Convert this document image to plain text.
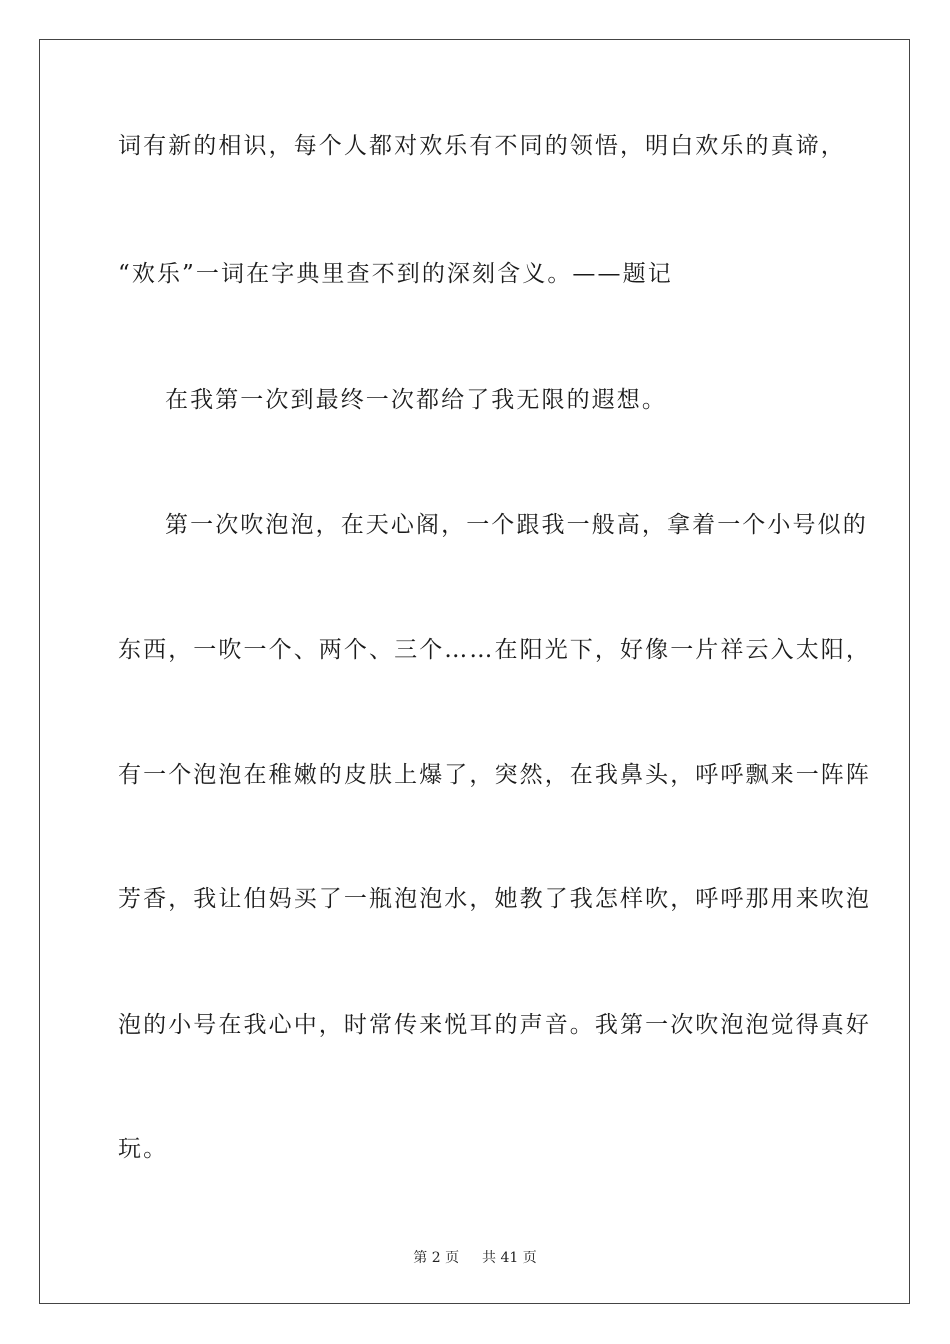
词有新的相识，每个人都对欢乐有不同的领悟，明白欢乐的真谛，
“欢乐”一词在字典里查不到的深刻含义。——题记
在我第一次到最终一次都给了我无限的遐想。
第一次吹泡泡，在天心阁，一个跟我一般高，拿着一个小号似的
东西，一吹一个、两个、三个……在阳光下，好像一片祥云入太阳，
有一个泡泡在稚嫩的皮肤上爆了，突然，在我鼻头，呼呼飘来一阵阵
芳香，我让伯妈买了一瓶泡泡水，她教了我怎样吹，呼呼那用来吹泡
泡的小号在我心中，时常传来悦耳的声音。我第一次吹泡泡觉得真好
玩。
第 2 页 共 41 页
